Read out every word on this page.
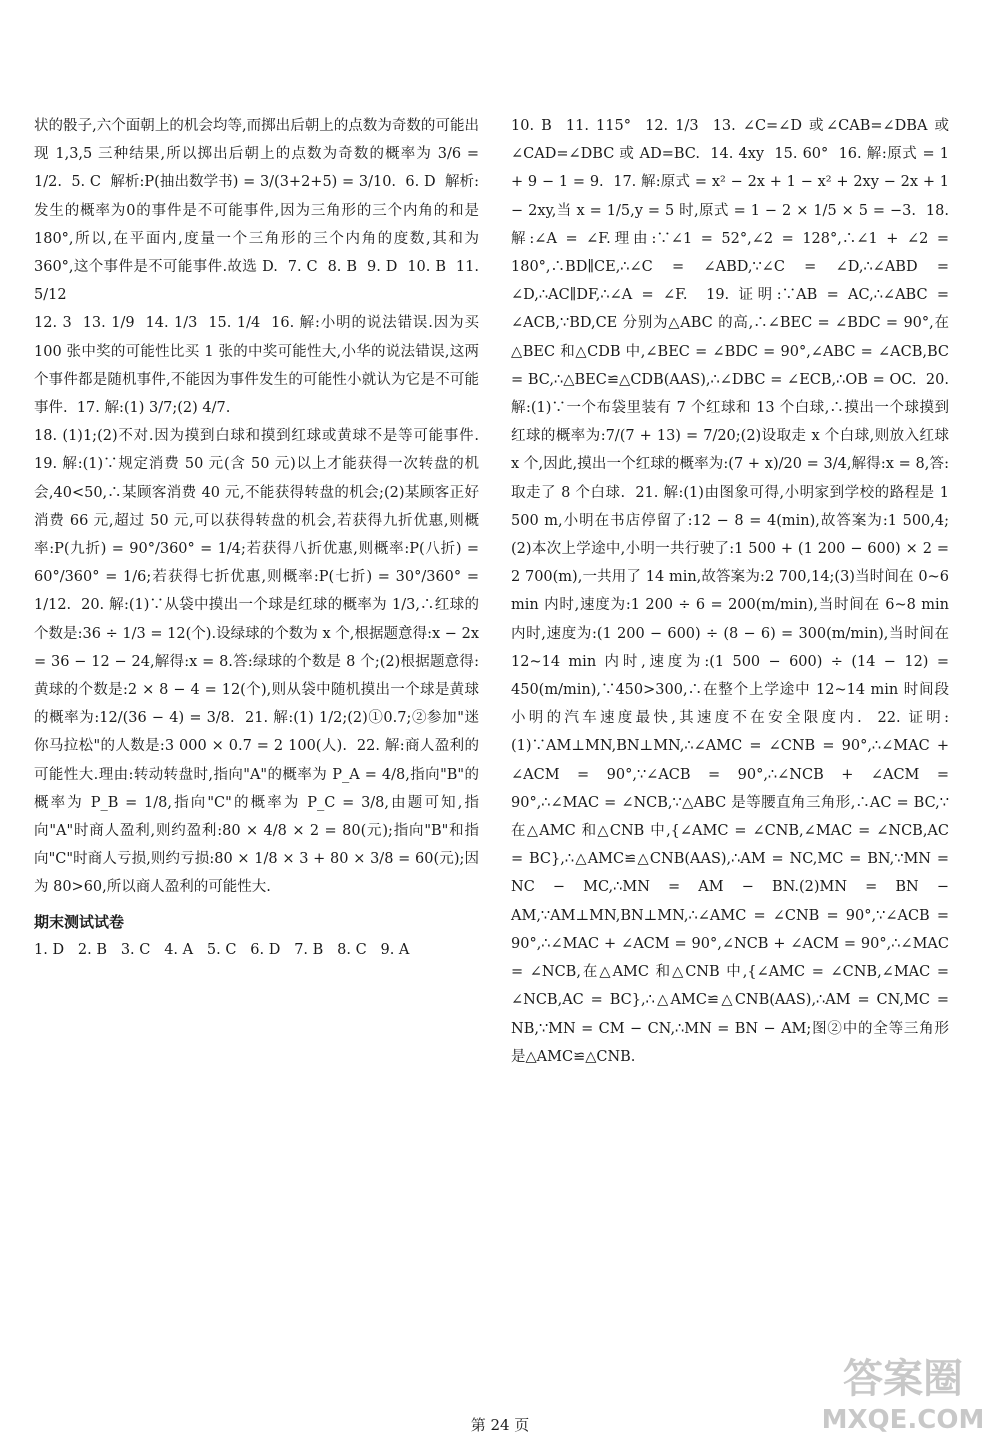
状的骰子,六个面朝上的机会均等,而掷出后朝上的点数为奇数的可能出现 1,3,5 三种结果,所以掷出后朝上的点数为奇数的概率为 3/6 = 1/2.  5. C  解析:P(抽出数学书) = 3/(3+2+5) = 3/10.  6. D  解析:发生的概率为0的事件是不可能事件,因为三角形的三个内角的和是 180°,所以,在平面内,度量一个三角形的三个内角的度数,其和为 360°,这个事件是不可能事件.故选 D.  7. C  8. B  9. D  10. B  11. 5/12

12. 3  13. 1/9  14. 1/3  15. 1/4  16. 解:小明的说法错误.因为买 100 张中奖的可能性比买 1 张的中奖可能性大,小华的说法错误,这两个事件都是随机事件,不能因为事件发生的可能性小就认为它是不可能事件.  17. 解:(1) 3/7;(2) 4/7.

18. (1)1;(2)不对.因为摸到白球和摸到红球或黄球不是等可能事件.  19. 解:(1)∵规定消费 50 元(含 50 元)以上才能获得一次转盘的机会,40<50,∴某顾客消费 40 元,不能获得转盘的机会;(2)某顾客正好消费 66 元,超过 50 元,可以获得转盘的机会,若获得九折优惠,则概率:P(九折) = 90°/360° = 1/4;若获得八折优惠,则概率:P(八折) = 60°/360° = 1/6;若获得七折优惠,则概率:P(七折) = 30°/360° = 1/12.  20. 解:(1)∵从袋中摸出一个球是红球的概率为 1/3,∴红球的个数是:36 ÷ 1/3 = 12(个).设绿球的个数为 x 个,根据题意得:x − 2x = 36 − 12 − 24,解得:x = 8.答:绿球的个数是 8 个;(2)根据题意得:黄球的个数是:2 × 8 − 4 = 12(个),则从袋中随机摸出一个球是黄球的概率为:12/(36 − 4) = 3/8.  21. 解:(1) 1/2;(2)①0.7;②参加"迷你马拉松"的人数是:3 000 × 0.7 = 2 100(人).  22. 解:商人盈利的可能性大.理由:转动转盘时,指向"A"的概率为 P_A = 4/8,指向"B"的概率为 P_B = 1/8,指向"C"的概率为 P_C = 3/8,由题可知,指向"A"时商人盈利,则约盈利:80 × 4/8 × 2 = 80(元);指向"B"和指向"C"时商人亏损,则约亏损:80 × 1/8 × 3 + 80 × 3/8 = 60(元);因为 80>60,所以商人盈利的可能性大.

期末测试试卷

1. D   2. B   3. C   4. A   5. C   6. D   7. B   8. C   9. A

10. B  11. 115°  12. 1/3  13. ∠C=∠D 或∠CAB=∠DBA 或∠CAD=∠DBC 或 AD=BC.  14. 4xy  15. 60°  16. 解:原式 = 1 + 9 − 1 = 9.  17. 解:原式 = x² − 2x + 1 − x² + 2xy − 2x + 1 − 2xy,当 x = 1/5,y = 5 时,原式 = 1 − 2 × 1/5 × 5 = −3.  18. 解:∠A = ∠F.理由:∵∠1 = 52°,∠2 = 128°,∴∠1 + ∠2 = 180°,∴BD∥CE,∴∠C = ∠ABD,∵∠C = ∠D,∴∠ABD = ∠D,∴AC∥DF,∴∠A = ∠F.  19. 证明:∵AB = AC,∴∠ABC = ∠ACB,∵BD,CE 分别为△ABC 的高,∴∠BEC = ∠BDC = 90°,在△BEC 和△CDB 中,∠BEC = ∠BDC = 90°,∠ABC = ∠ACB,BC = BC,∴△BEC≌△CDB(AAS),∴∠DBC = ∠ECB,∴OB = OC.  20. 解:(1)∵一个布袋里装有 7 个红球和 13 个白球,∴摸出一个球摸到红球的概率为:7/(7 + 13) = 7/20;(2)设取走 x 个白球,则放入红球 x 个,因此,摸出一个红球的概率为:(7 + x)/20 = 3/4,解得:x = 8,答:取走了 8 个白球.  21. 解:(1)由图象可得,小明家到学校的路程是 1 500 m,小明在书店停留了:12 − 8 = 4(min),故答案为:1 500,4;(2)本次上学途中,小明一共行驶了:1 500 + (1 200 − 600) × 2 = 2 700(m),一共用了 14 min,故答案为:2 700,14;(3)当时间在 0~6 min 内时,速度为:1 200 ÷ 6 = 200(m/min),当时间在 6~8 min 内时,速度为:(1 200 − 600) ÷ (8 − 6) = 300(m/min),当时间在 12~14 min 内时,速度为:(1 500 − 600) ÷ (14 − 12) = 450(m/min),∵450>300,∴在整个上学途中 12~14 min 时间段小明的汽车速度最快,其速度不在安全限度内.  22. 证明:(1)∵AM⊥MN,BN⊥MN,∴∠AMC = ∠CNB = 90°,∴∠MAC + ∠ACM = 90°,∵∠ACB = 90°,∴∠NCB + ∠ACM = 90°,∴∠MAC = ∠NCB,∵△ABC 是等腰直角三角形,∴AC = BC,∵在△AMC 和△CNB 中,{∠AMC = ∠CNB,∠MAC = ∠NCB,AC = BC},∴△AMC≌△CNB(AAS),∴AM = NC,MC = BN,∵MN = NC − MC,∴MN = AM − BN.(2)MN = BN − AM,∵AM⊥MN,BN⊥MN,∴∠AMC = ∠CNB = 90°,∵∠ACB = 90°,∴∠MAC + ∠ACM = 90°,∠NCB + ∠ACM = 90°,∴∠MAC = ∠NCB,在△AMC 和△CNB 中,{∠AMC = ∠CNB,∠MAC = ∠NCB,AC = BC},∴△AMC≌△CNB(AAS),∴AM = CN,MC = NB,∵MN = CM − CN,∴MN = BN − AM;图②中的全等三角形是△AMC≌△CNB.

第 24 页
答案圈
MXQE.COM
